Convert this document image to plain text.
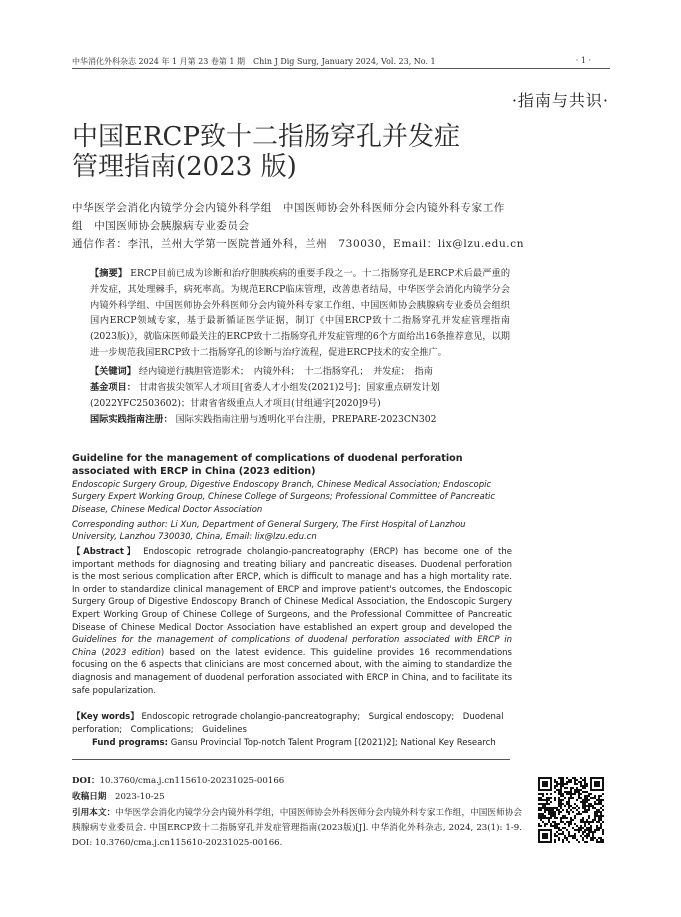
中华消化外科杂志 2024 年 1 月第 23 卷第 1 期　Chin J Dig Surg, January 2024, Vol. 23, No. 1	· 1 ·
·指南与共识·
中国ERCP致十二指肠穿孔并发症
管理指南(2023 版)
中华医学会消化内镜学分会内镜外科学组　中国医师协会外科医师分会内镜外科专家工作组　中国医师协会胰腺病专业委员会
通信作者：李汛，兰州大学第一医院普通外科，兰州　730030，Email：lix@lzu.edu.cn
【摘要】 ERCP目前已成为诊断和治疗胆胰疾病的重要手段之一。十二指肠穿孔是ERCP术后最严重的并发症，其处理棘手，病死率高。为规范ERCP临床管理，改善患者结局，中华医学会消化内镜学分会内镜外科学组、中国医师协会外科医师分会内镜外科专家工作组、中国医师协会胰腺病专业委员会组织国内ERCP领域专家，基于最新循证医学证据，制订《中国ERCP致十二指肠穿孔并发症管理指南(2023版)》，就临床医师最关注的ERCP致十二指肠穿孔并发症管理的6个方面给出16条推荐意见，以期进一步规范我国ERCP致十二指肠穿孔的诊断与治疗流程，促进ERCP技术的安全推广。
【关键词】 经内镜逆行胰胆管造影术；　内镜外科；　十二指肠穿孔；　并发症；　指南
基金项目： 甘肃省拔尖领军人才项目[省委人才小组发(2021)2号]；国家重点研发计划(2022YFC2503602)；甘肃省省级重点人才项目(甘组通字[2020]9号)
国际实践指南注册： 国际实践指南注册与透明化平台注册，PREPARE-2023CN302
Guideline for the management of complications of duodenal perforation associated with ERCP in China (2023 edition)
Endoscopic Surgery Group, Digestive Endoscopy Branch, Chinese Medical Association; Endoscopic Surgery Expert Working Group, Chinese College of Surgeons; Professional Committee of Pancreatic Disease, Chinese Medical Doctor Association
Corresponding author: Li Xun, Department of General Surgery, The First Hospital of Lanzhou University, Lanzhou 730030, China, Email: lix@lzu.edu.cn
【Abstract】 Endoscopic retrograde cholangio-pancreatography (ERCP) has become one of the important methods for diagnosing and treating biliary and pancreatic diseases. Duodenal perforation is the most serious complication after ERCP, which is difficult to manage and has a high mortality rate. In order to standardize clinical management of ERCP and improve patient's outcomes, the Endoscopic Surgery Group of Digestive Endoscopy Branch of Chinese Medical Association, the Endoscopic Surgery Expert Working Group of Chinese College of Surgeons, and the Professional Committee of Pancreatic Disease of Chinese Medical Doctor Association have established an expert group and developed the Guidelines for the management of complications of duodenal perforation associated with ERCP in China (2023 edition) based on the latest evidence. This guideline provides 16 recommendations focusing on the 6 aspects that clinicians are most concerned about, with the aiming to standardize the diagnosis and management of duodenal perforation associated with ERCP in China, and to facilitate its safe popularization.
【Key words】 Endoscopic retrograde cholangio-pancreatography;　Surgical endoscopy;　Duodenal perforation;　Complications;　Guidelines
Fund programs: Gansu Provincial Top-notch Talent Program [(2021)2]; National Key Research
DOI：10.3760/cma.j.cn115610-20231025-00166
收稿日期　 2023-10-25
引用本文：中华医学会消化内镜学分会内镜外科学组，中国医师协会外科医师分会内镜外科专家工作组，中国医师协会胰腺病专业委员会. 中国ERCP致十二指肠穿孔并发症管理指南(2023版)[J]. 中华消化外科杂志, 2024, 23(1): 1-9. DOI: 10.3760/cma.j.cn115610-20231025-00166.
